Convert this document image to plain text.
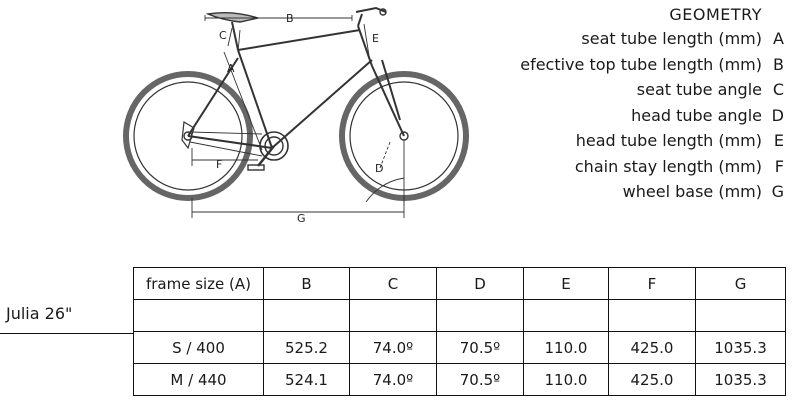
B
C
A
E
F	D
G
GEOMETRY
seat tube length (mm) A
efective top tube length (mm) B
seat tube angle C
head tube angle D
head tube length (mm) E
chain stay length (mm) F
wheel base (mm) G
Julia 26"
frame size (A)	B	C	D	E	F	G

S / 400	525.2	74.0º	70.5º	110.0	425.0	1035.3
M / 440	524.1	74.0º	70.5º	110.0	425.0	1035.3
